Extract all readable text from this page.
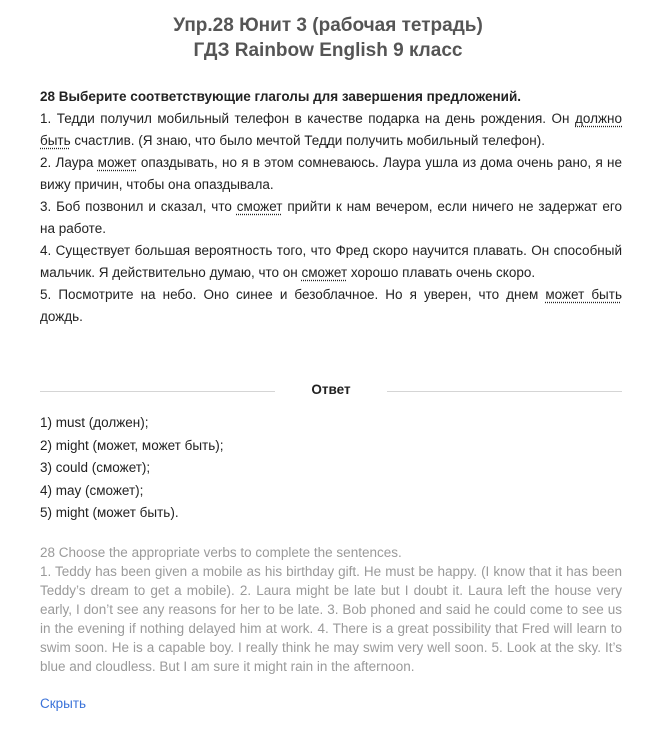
Упр.28 Юнит 3 (рабочая тетрадь)
ГДЗ Rainbow English 9 класс

28 Выберите соответствующие глаголы для завершения предложений.

1. Тедди получил мобильный телефон в качестве подарка на день рождения. Он должно быть счастлив. (Я знаю, что было мечтой Тедди получить мобильный телефон).

2. Лаура может опаздывать, но я в этом сомневаюсь. Лаура ушла из дома очень рано, я не вижу причин, чтобы она опаздывала.

3. Боб позвонил и сказал, что сможет прийти к нам вечером, если ничего не задержат его на работе.

4. Существует большая вероятность того, что Фред скоро научится плавать. Он способный мальчик. Я действительно думаю, что он сможет хорошо плавать очень скоро.

5. Посмотрите на небо. Оно синее и безоблачное. Но я уверен, что днем может быть дождь.

Ответ
1) must (должен);
2) might (может, может быть);
3) could (сможет);
4) may (сможет);
5) might (может быть).

28 Choose the appropriate verbs to complete the sentences.

1. Teddy has been given a mobile as his birthday gift. He must be happy. (I know that it has been Teddy’s dream to get a mobile). 2. Laura might be late but I doubt it. Laura left the house very early, I don’t see any reasons for her to be late. 3. Bob phoned and said he could come to see us in the evening if nothing delayed him at work. 4. There is a great possibility that Fred will learn to swim soon. He is a capable boy. I really think he may swim very well soon. 5. Look at the sky. It’s blue and cloudless. But I am sure it might rain in the afternoon.

Скрыть
